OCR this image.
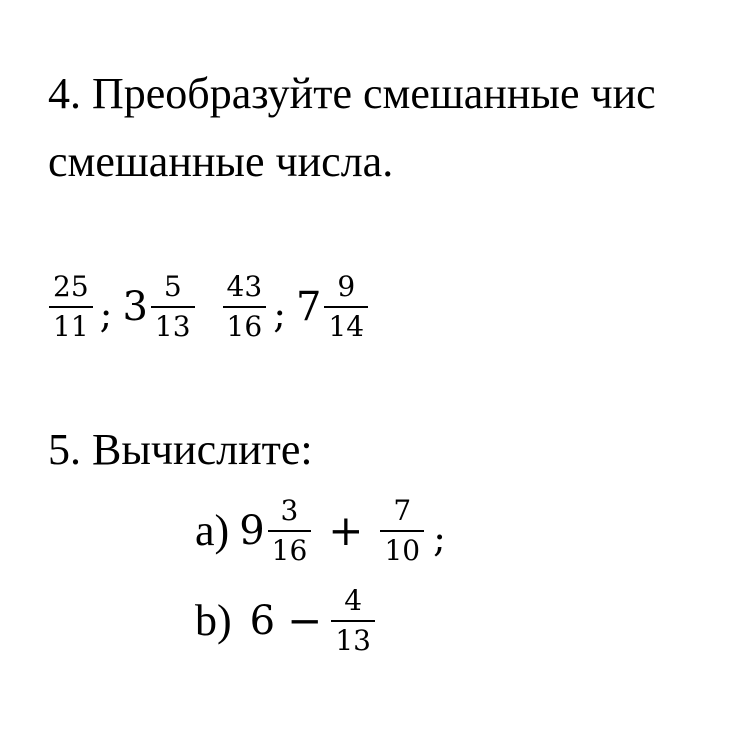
4. Преобразуйте смешанные чис
смешанные числа.
$\frac{25}{11}$ ; $3 \frac{5}{13} \frac{43}{16}$ ; $7 \frac{9}{14}$
5. Вычислите:
a) $9 \frac{3}{16} + \frac{7}{10}$ ;
b) $6 - \frac{4}{13}$
